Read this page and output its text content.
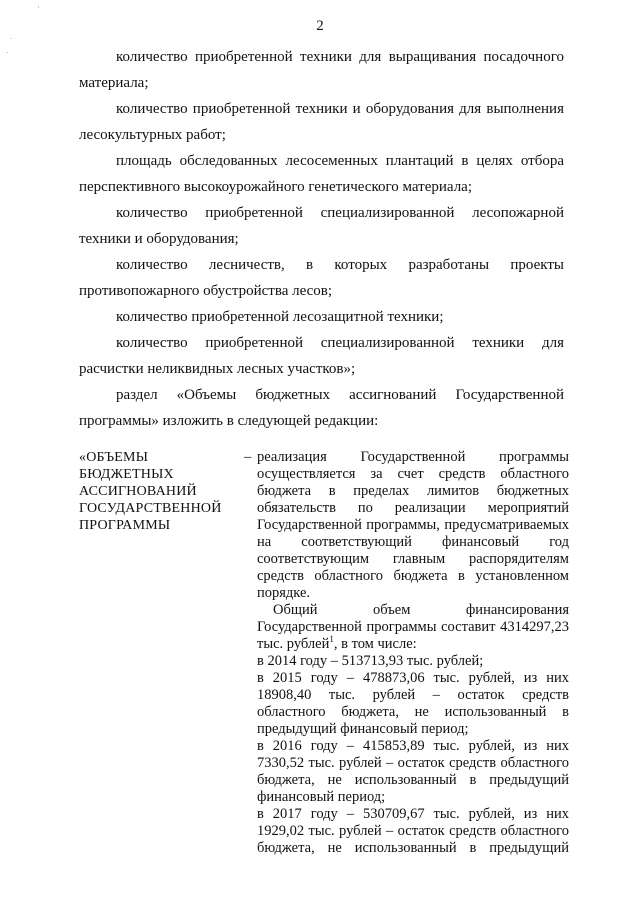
ʹ
·
·
2

количество приобретенной техники для выращивания посадочного материала;

количество приобретенной техники и оборудования для выполнения лесокультурных работ;

площадь обследованных лесосеменных плантаций в целях отбора перспективного высокоурожайного генетического материала;

количество приобретенной специализированной лесопожарной техники и оборудования;

количество лесничеств, в которых разработаны проекты противопожарного обустройства лесов;

количество приобретенной лесозащитной техники;

количество приобретенной специализированной техники для расчистки неликвидных лесных участков»;

раздел «Объемы бюджетных ассигнований Государственной программы» изложить в следующей редакции:

«ОБЪЕМЫ
БЮДЖЕТНЫХ
АССИГНОВАНИЙ
ГОСУДАРСТВЕННОЙ
ПРОГРАММЫ
– реализация Государственной программы осуществляется за счет средств областного бюджета в пределах лимитов бюджетных обязательств по реализации мероприятий Государственной программы, предусматриваемых на соответствующий финансовый год соответствующим главным распорядителям средств областного бюджета в установленном порядке.

Общий объем финансирования Государственной программы составит 4314297,23 тыс. рублей$^1$, в том числе:

в 2014 году – 513713,93 тыс. рублей;

в 2015 году – 478873,06 тыс. рублей, из них 18908,40 тыс. рублей – остаток средств областного бюджета, не использованный в предыдущий финансовый период;

в 2016 году – 415853,89 тыс. рублей, из них 7330,52 тыс. рублей – остаток средств областного бюджета, не использованный в предыдущий финансовый период;

в 2017 году – 530709,67 тыс. рублей, из них 1929,02 тыс. рублей – остаток средств областного бюджета, не использованный в предыдущий
